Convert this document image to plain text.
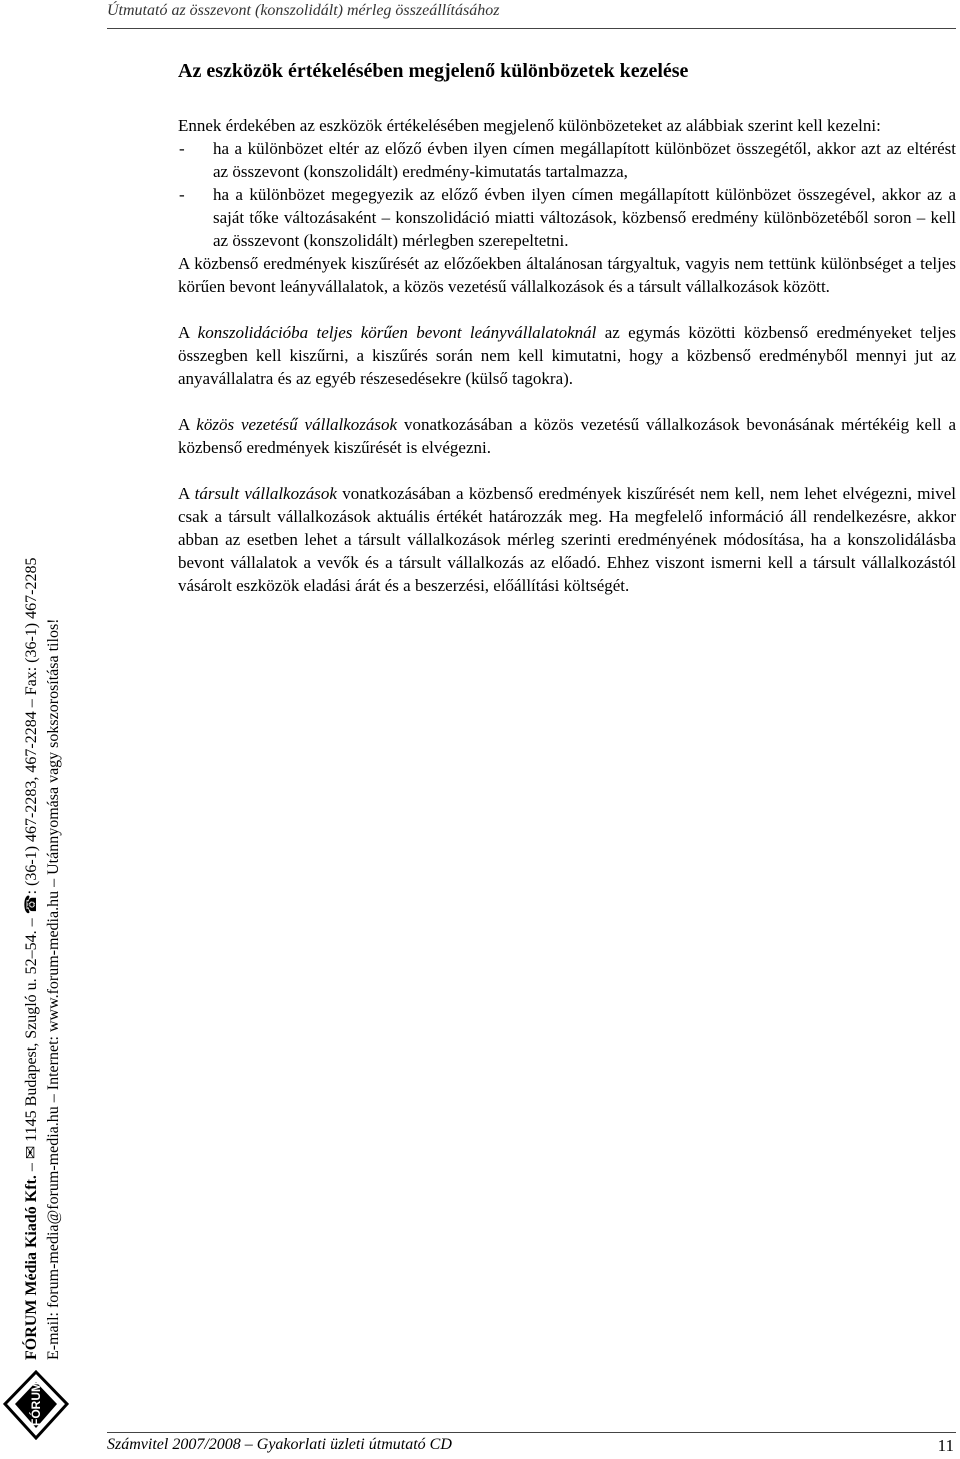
Útmutató az összevont (konszolidált) mérleg összeállításához
Az eszközök értékelésében megjelenő különbözetek kezelése

Ennek érdekében az eszközök értékelésében megjelenő különbözeteket az alábbiak szerint kell kezelni:

- ha a különbözet eltér az előző évben ilyen címen megállapított különbözet összegétől, akkor azt az eltérést az összevont (konszolidált) eredmény-kimutatás tartalmazza,
- ha a különbözet megegyezik az előző évben ilyen címen megállapított különbözet összegével, akkor az a saját tőke változásaként – konszolidáció miatti változások, közbenső eredmény különbözetéből soron – kell az összevont (konszolidált) mérlegben szerepeltetni.

A közbenső eredmények kiszűrését az előzőekben általánosan tárgyaltuk, vagyis nem tettünk különbséget a teljes körűen bevont leányvállalatok, a közös vezetésű vállalkozások és a társult vállalkozások között.

A konszolidációba teljes körűen bevont leányvállalatoknál az egymás közötti közbenső eredményeket teljes összegben kell kiszűrni, a kiszűrés során nem kell kimutatni, hogy a közbenső eredményből mennyi jut az anyavállalatra és az egyéb részesedésekre (külső tagokra).

A közös vezetésű vállalkozások vonatkozásában a közös vezetésű vállalkozások bevonásának mértékéig kell a közbenső eredmények kiszűrését is elvégezni.

A társult vállalkozások vonatkozásában a közbenső eredmények kiszűrését nem kell, nem lehet elvégezni, mivel csak a társult vállalkozások aktuális értékét határozzák meg. Ha megfelelő információ áll rendelkezésre, akkor abban az esetben lehet a társult vállalkozások mérleg szerinti eredményének módosítása, ha a konszolidálásba bevont vállalatok a vevők és a társult vállalkozás az előadó. Ehhez viszont ismerni kell a társult vállalkozástól vásárolt eszközök eladási árát és a beszerzési, előállítási költségét.

FÓRUM Média Kiadó Kft. – ✉ 1145 Budapest, Szugló u. 52–54. – ☎: (36-1) 467-2283, 467-2284 – Fax: (36-1) 467-2285 E-mail: forum-media@forum-media.hu – Internet: www.forum-media.hu – Utánnyomása vagy sokszorosítása tilos!
FÓRUM
Számvitel 2007/2008 – Gyakorlati üzleti útmutató CD	11
